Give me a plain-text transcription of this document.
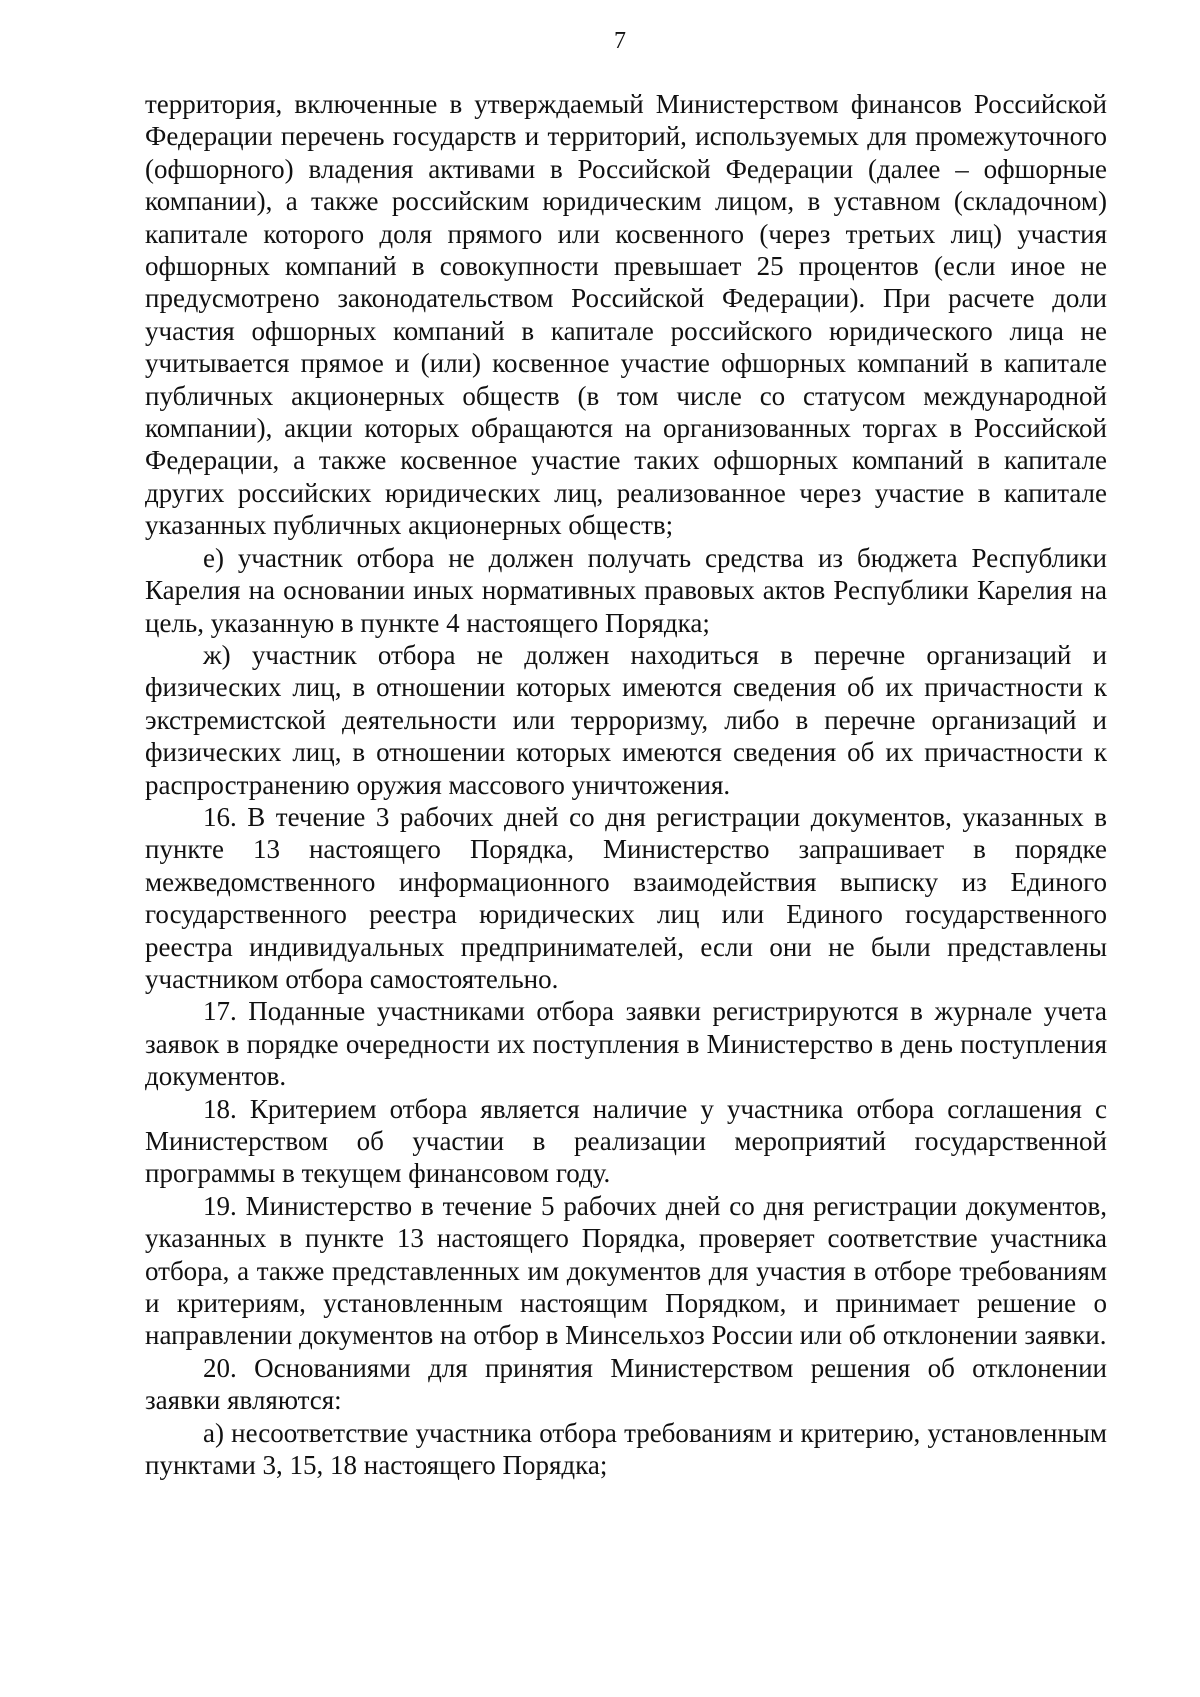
7

территория, включенные в утверждаемый Министерством финансов Российской Федерации перечень государств и территорий, используемых для промежуточного (офшорного) владения активами в Российской Федерации (далее – офшорные компании), а также российским юридическим лицом, в уставном (складочном) капитале которого доля прямого или косвенного (через третьих лиц) участия офшорных компаний в совокупности превышает 25 процентов (если иное не предусмотрено законодательством Российской Федерации). При расчете доли участия офшорных компаний в капитале российского юридического лица не учитывается прямое и (или) косвенное участие офшорных компаний в капитале публичных акционерных обществ (в том числе со статусом международной компании), акции которых обращаются на организованных торгах в Российской Федерации, а также косвенное участие таких офшорных компаний в капитале других российских юридических лиц, реализованное через участие в капитале указанных публичных акционерных обществ;

е) участник отбора не должен получать средства из бюджета Республики Карелия на основании иных нормативных правовых актов Республики Карелия на цель, указанную в пункте 4 настоящего Порядка;

ж) участник отбора не должен находиться в перечне организаций и физических лиц, в отношении которых имеются сведения об их причастности к экстремистской деятельности или терроризму, либо в перечне организаций и физических лиц, в отношении которых имеются сведения об их причастности к распространению оружия массового уничтожения.

16. В течение 3 рабочих дней со дня регистрации документов, указанных в пункте 13 настоящего Порядка, Министерство запрашивает в порядке межведомственного информационного взаимодействия выписку из Единого государственного реестра юридических лиц или Единого государственного реестра индивидуальных предпринимателей, если они не были представлены участником отбора самостоятельно.

17. Поданные участниками отбора заявки регистрируются в журнале учета заявок в порядке очередности их поступления в Министерство в день поступления документов.

18. Критерием отбора является наличие у участника отбора соглашения с Министерством об участии в реализации мероприятий государственной программы в текущем финансовом году.

19. Министерство в течение 5 рабочих дней со дня регистрации документов, указанных в пункте 13 настоящего Порядка, проверяет соответствие участника отбора, а также представленных им документов для участия в отборе требованиям и критериям, установленным настоящим Порядком, и принимает решение о направлении документов на отбор в Минсельхоз России или об отклонении заявки.

20. Основаниями для принятия Министерством решения об отклонении заявки являются:

а) несоответствие участника отбора требованиям и критерию, установленным пунктами 3, 15, 18 настоящего Порядка;
